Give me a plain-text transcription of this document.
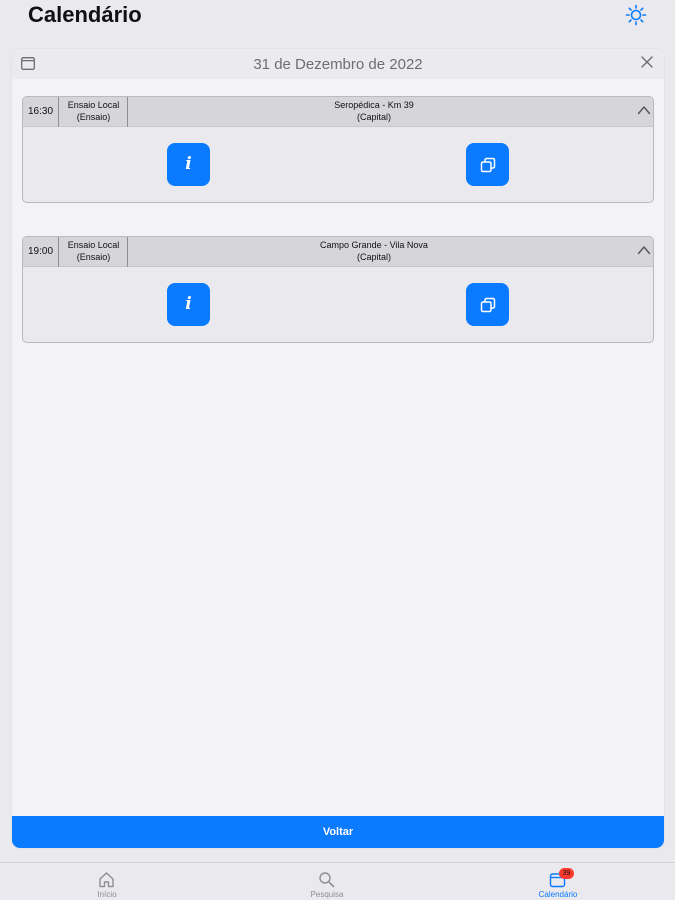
Calendário
31 de Dezembro de 2022
16:30
Ensaio Local
(Ensaio)
Seropédica - Km 39
(Capital)
i
19:00
Ensaio Local
(Ensaio)
Campo Grande - Vila Nova
(Capital)
i
Voltar
Início	Pesquisa
39
Calendário
